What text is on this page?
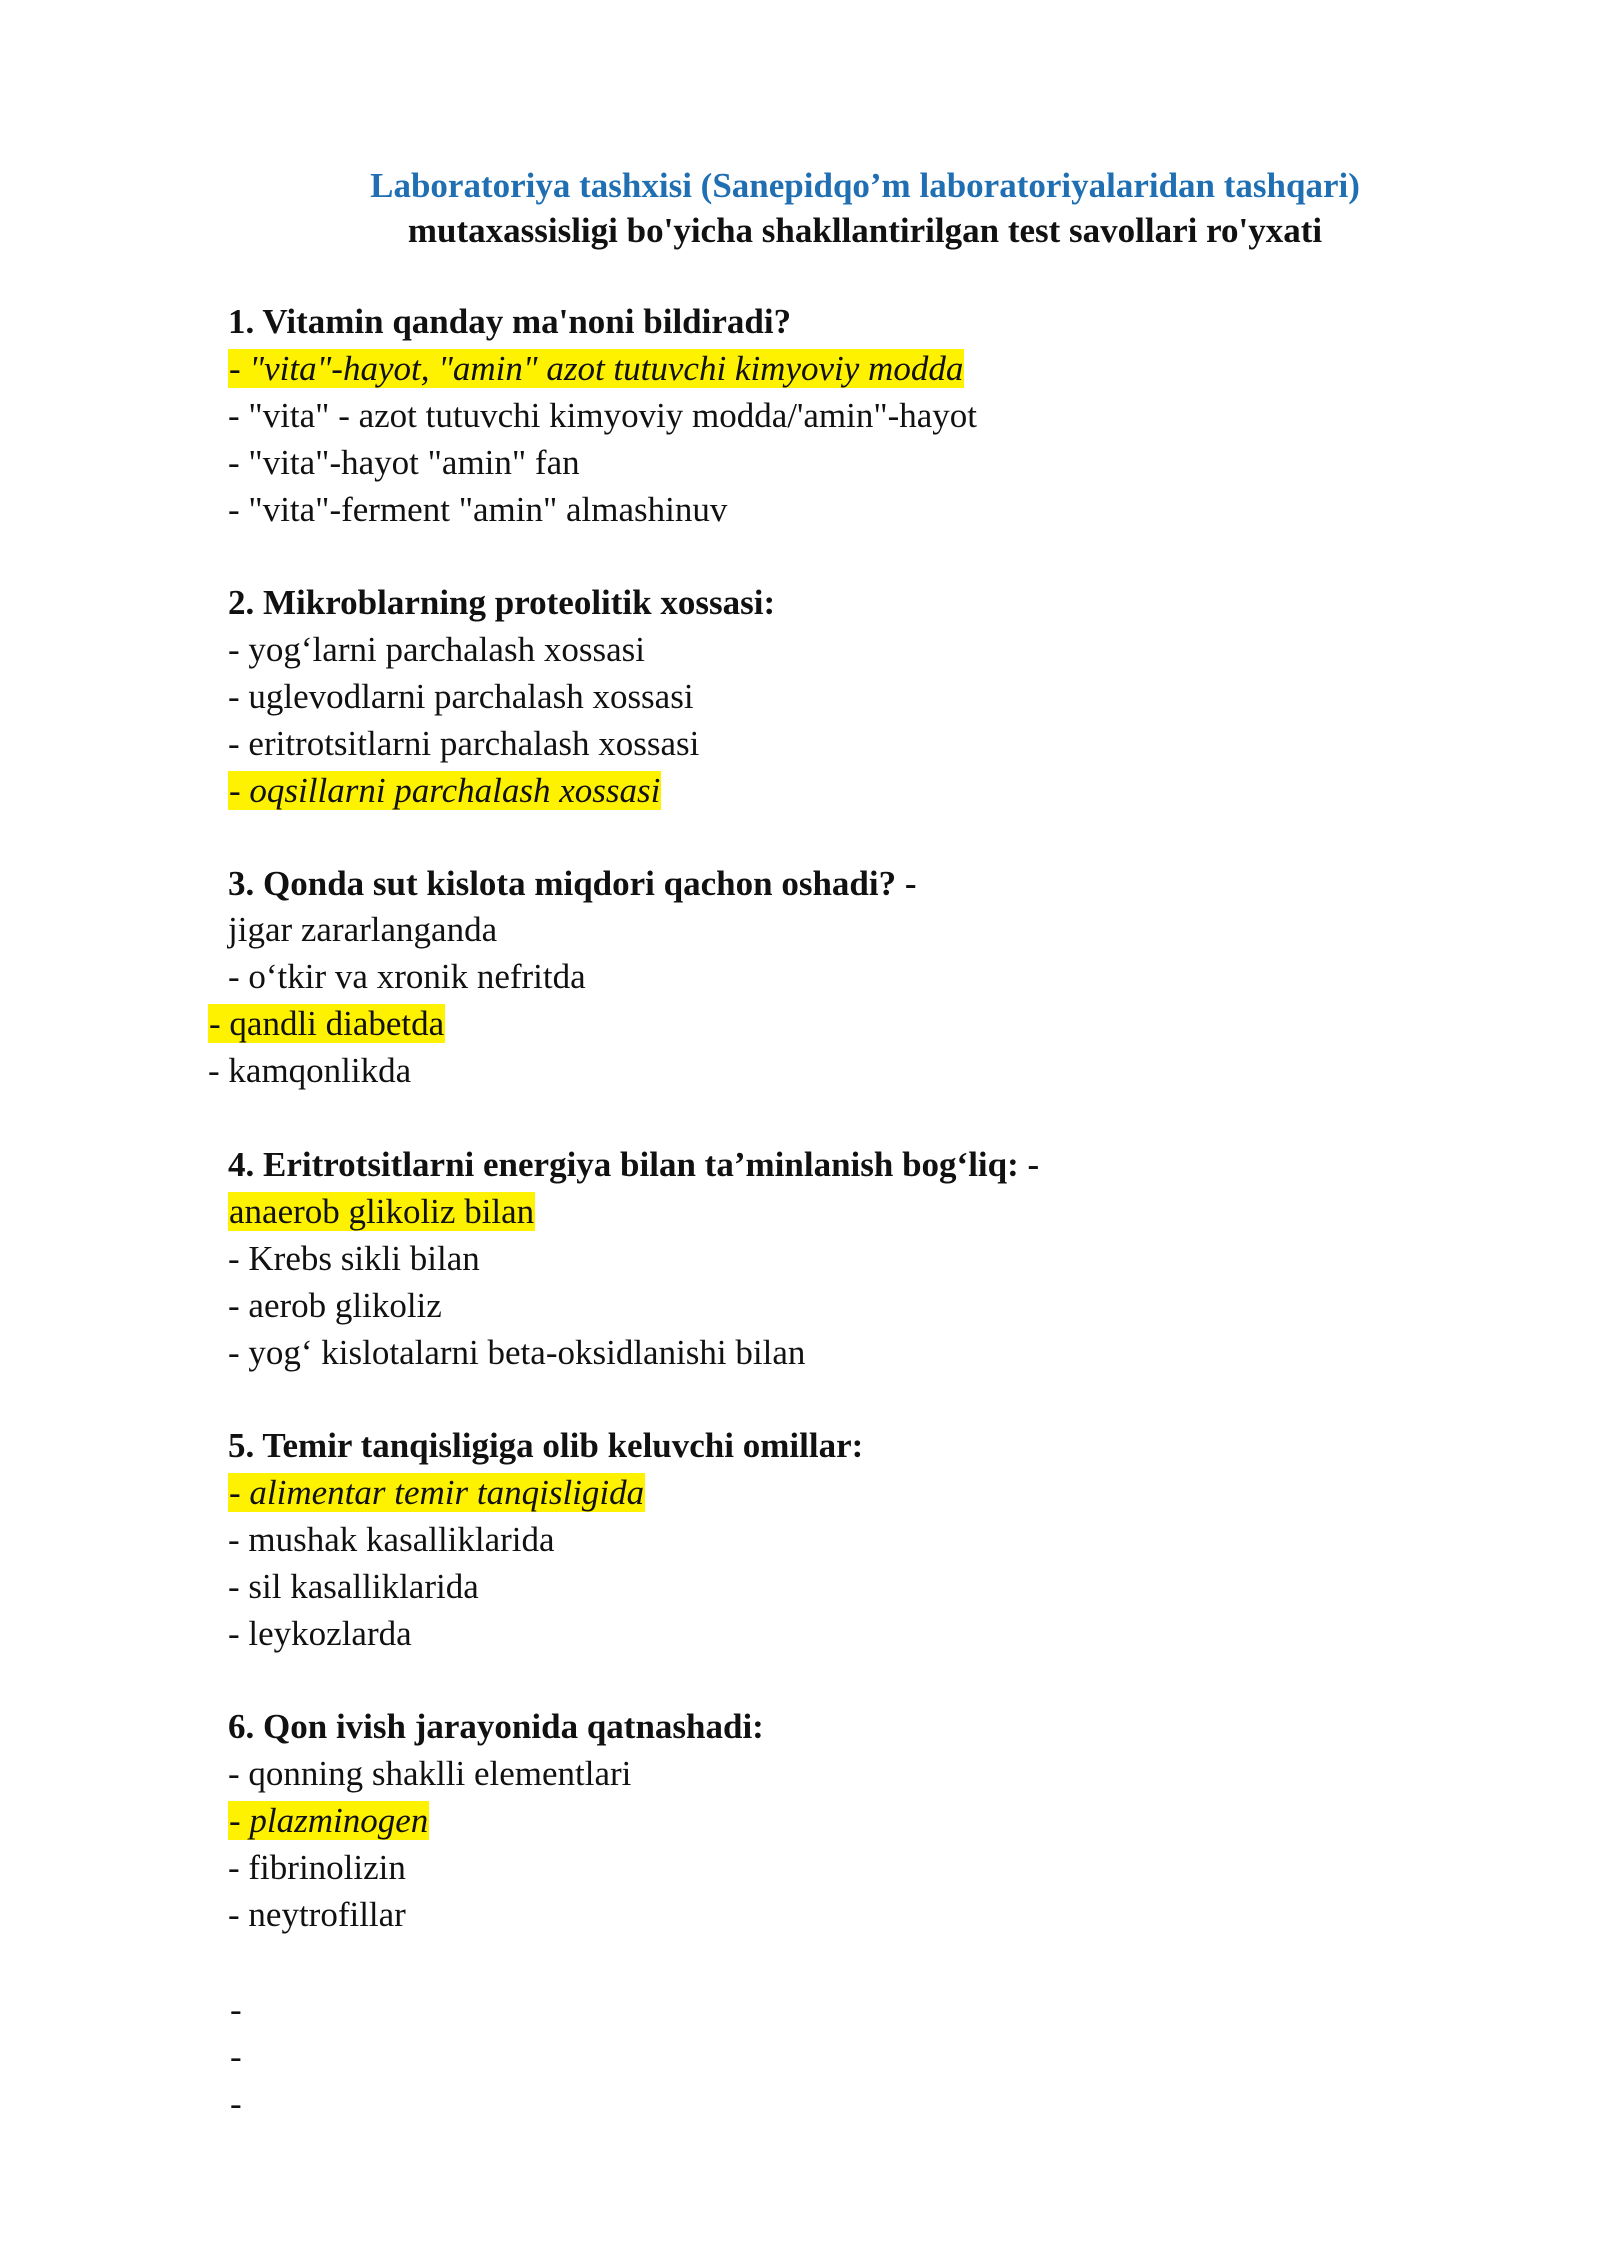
Laboratoriya tashxisi (Sanepidqo’m laboratoriyalaridan tashqari)
mutaxassisligi bo'yicha shakllantirilgan test savollari ro'yxati
1. Vitamin qanday ma'noni bildiradi?
- "vita"-hayot, "amin" azot tutuvchi kimyoviy modda
- "vita" - azot tutuvchi kimyoviy modda/'amin"-hayot
- "vita"-hayot "amin" fan
- "vita"-ferment "amin" almashinuv
2. Mikroblarning proteolitik xossasi:
- yog‘larni parchalash xossasi
- uglevodlarni parchalash xossasi
- eritrotsitlarni parchalash xossasi
- oqsillarni parchalash xossasi
3. Qonda sut kislota miqdori qachon oshadi? -
jigar zararlanganda
- o‘tkir va xronik nefritda
- qandli diabetda
- kamqonlikda
4. Eritrotsitlarni energiya bilan ta’minlanish bog‘liq: -
anaerob glikoliz bilan
- Krebs sikli bilan
- aerob glikoliz
- yog‘ kislotalarni beta-oksidlanishi bilan
5. Temir tanqisligiga olib keluvchi omillar:
- alimentar temir tanqisligida
- mushak kasalliklarida
- sil kasalliklarida
- leykozlarda
6. Qon ivish jarayonida qatnashadi:
- qonning shaklli elementlari
- plazminogen
- fibrinolizin
- neytrofillar
-
-
-
